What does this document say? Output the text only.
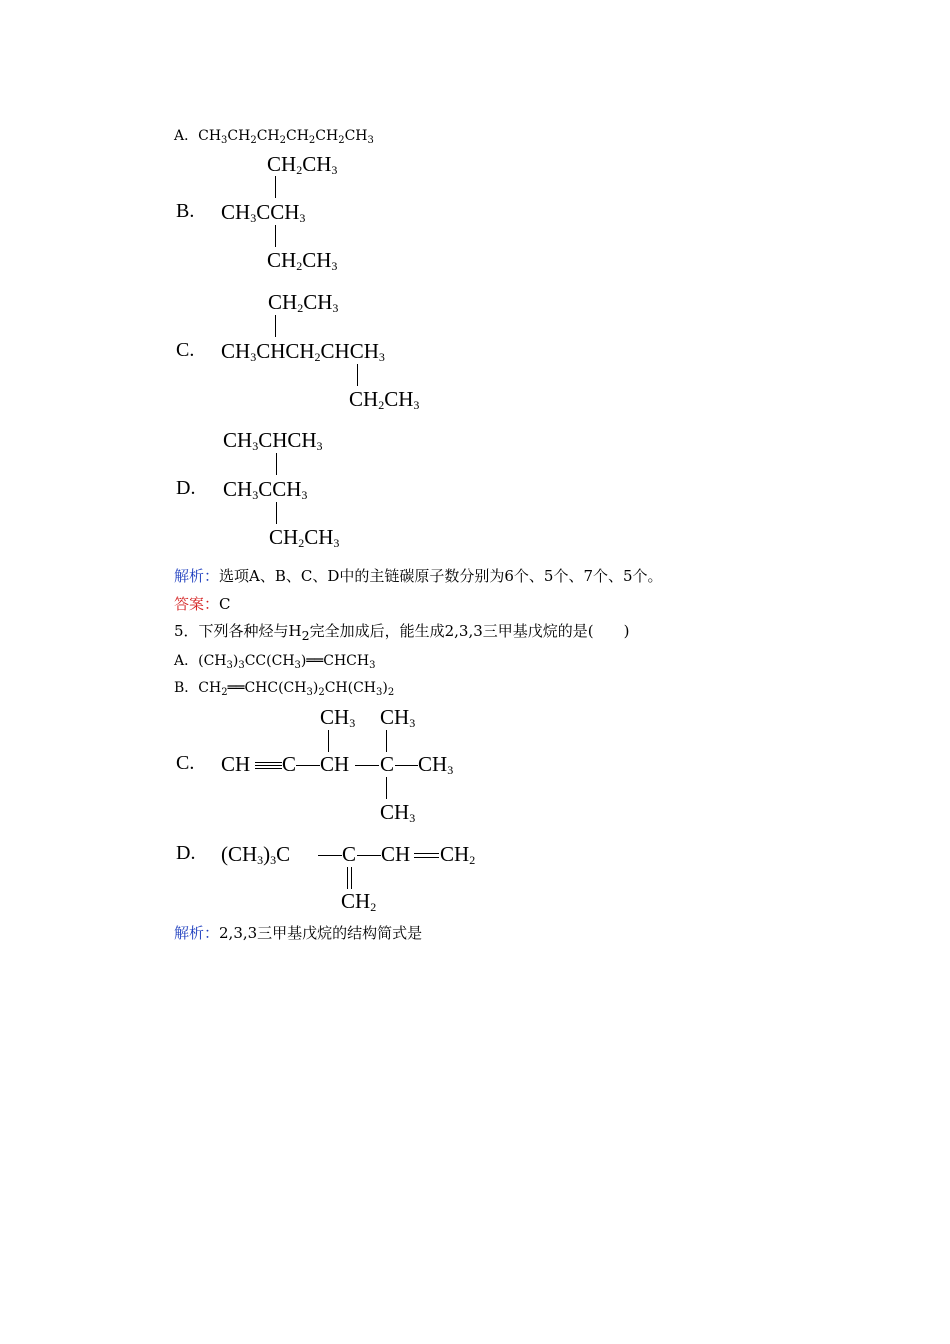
A．$CH_3CH_2CH_2CH_2CH_2CH_3$
B.
$CH_2CH_3$
$CH_3CCH_3$
$CH_2CH_3$
C.
$CH_2CH_3$
$CH_3CHCH_2CHCH_3$
$CH_2CH_3$
$CH_3CHCH_3$
D. $CH_3CCH_3$
$CH_2CH_3$
解析：选项A、B、C、D中的主链碳原子数分别为6个、5个、7个、5个。
答案：C
5．下列各种烃与$H_2$完全加成后，能生成2,3,3三甲基戊烷的是(　　)
A．$(CH_3)_3CC(CH_3)══CHCH_3$
B．$CH_2══CHC(CH_3)_2CH(CH_3)_2$
$CH_3$ $CH_3$
C. CH C CH C $CH_3$
$CH_3$
D. $(CH_3)_3C$ C CH $CH_2$
$CH_2$
解析：2,3,3三甲基戊烷的结构简式是
